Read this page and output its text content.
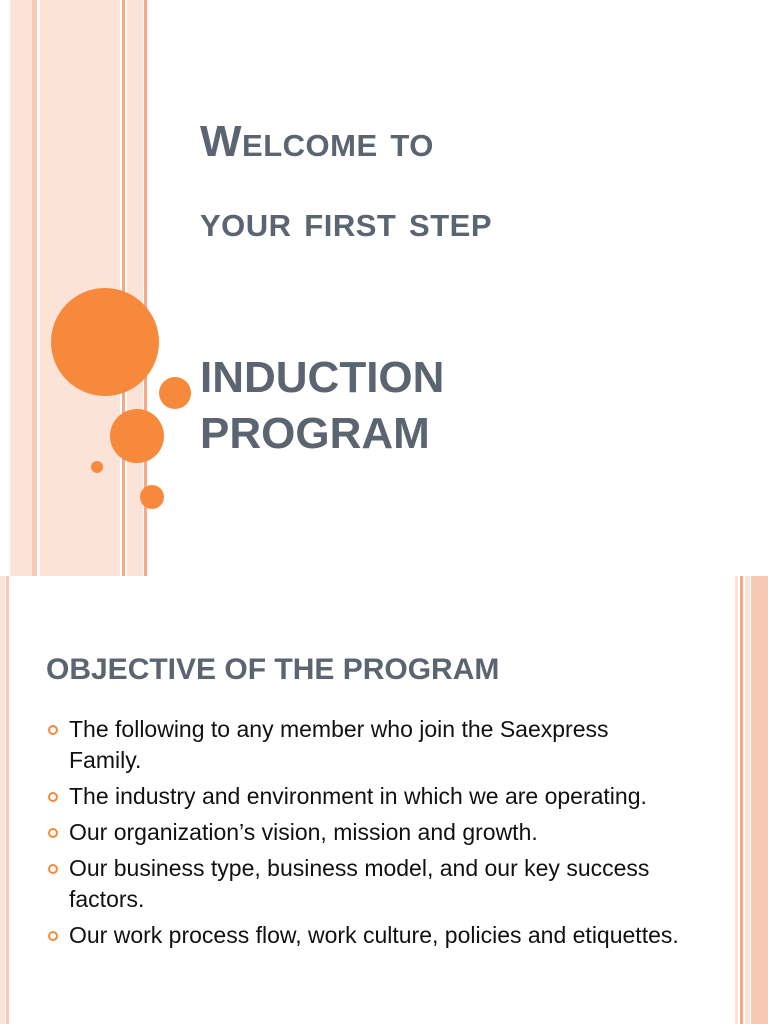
Welcome to
your first step
INDUCTION
PROGRAM
OBJECTIVE OF THE PROGRAM
The following to any member who join the Saexpress Family.
The industry and environment in which we are operating.
Our organization’s vision, mission and growth.
Our business type, business model, and our key success factors.
Our work process flow, work culture, policies and etiquettes.
